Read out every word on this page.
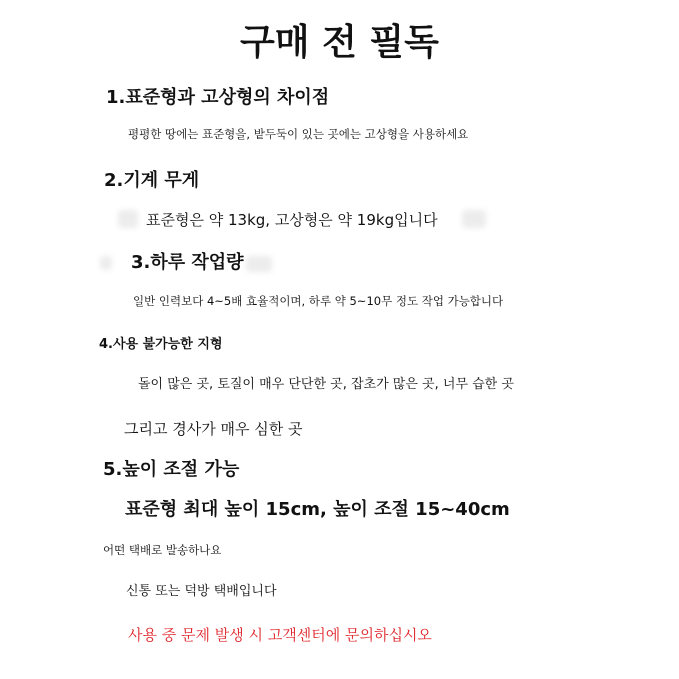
구매 전 필독
1.표준형과 고상형의 차이점
평평한 땅에는 표준형을, 밭두둑이 있는 곳에는 고상형을 사용하세요
2.기계 무게
표준형은 약 13kg, 고상형은 약 19kg입니다
3.하루 작업량
일반 인력보다 4~5배 효율적이며, 하루 약 5~10무 정도 작업 가능합니다
4.사용 불가능한 지형
돌이 많은 곳, 토질이 매우 단단한 곳, 잡초가 많은 곳, 너무 습한 곳
그리고 경사가 매우 심한 곳
5.높이 조절 가능
표준형 최대 높이 15cm, 높이 조절 15~40cm
어떤 택배로 발송하나요
신통 또는 덕방 택배입니다
사용 중 문제 발생 시 고객센터에 문의하십시오
